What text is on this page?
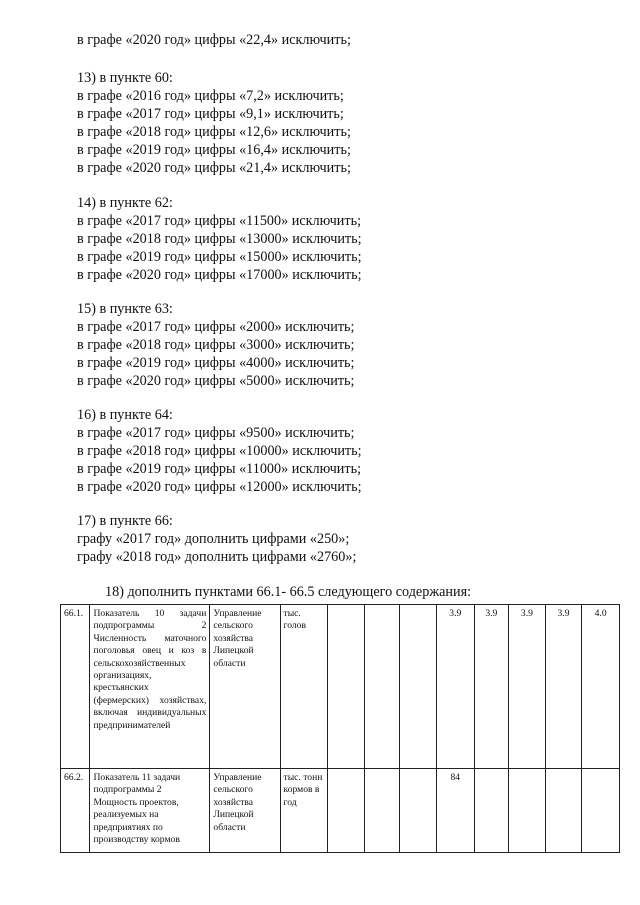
в графе «2020 год» цифры «22,4» исключить;
13) в пункте 60:
в графе «2016 год» цифры «7,2» исключить;
в графе «2017 год» цифры «9,1» исключить;
в графе «2018 год» цифры «12,6» исключить;
в графе «2019 год» цифры «16,4» исключить;
в графе «2020 год» цифры «21,4» исключить;
14) в пункте 62:
в графе «2017 год» цифры «11500» исключить;
в графе «2018 год» цифры «13000» исключить;
в графе «2019 год» цифры «15000» исключить;
в графе «2020 год» цифры «17000» исключить;
15) в пункте 63:
в графе «2017 год» цифры «2000» исключить;
в графе «2018 год» цифры «3000» исключить;
в графе «2019 год» цифры «4000» исключить;
в графе «2020 год» цифры «5000» исключить;
16) в пункте 64:
в графе «2017 год» цифры «9500» исключить;
в графе «2018 год» цифры «10000» исключить;
в графе «2019 год» цифры «11000» исключить;
в графе «2020 год» цифры «12000» исключить;
17) в пункте 66:
графу «2017 год» дополнить цифрами «250»;
графу «2018 год» дополнить цифрами «2760»;
18) дополнить пунктами 66.1- 66.5 следующего содержания:
66.1.	Показатель 10 задачи подпрограммы 2 Численность маточного поголовья овец и коз в сельскохозяйственных организациях, крестьянских (фермерских) хозяйствах, включая индивидуальных предпринимателей	Управление сельского хозяйства Липецкой области	тыс. голов				3.9	3.9	3.9	3.9	4.0
66.2.	Показатель 11 задачи подпрограммы 2 Мощность проектов, реализуемых на предприятиях по производству кормов	Управление сельского хозяйства Липецкой области	тыс. тонн кормов в год				84				
